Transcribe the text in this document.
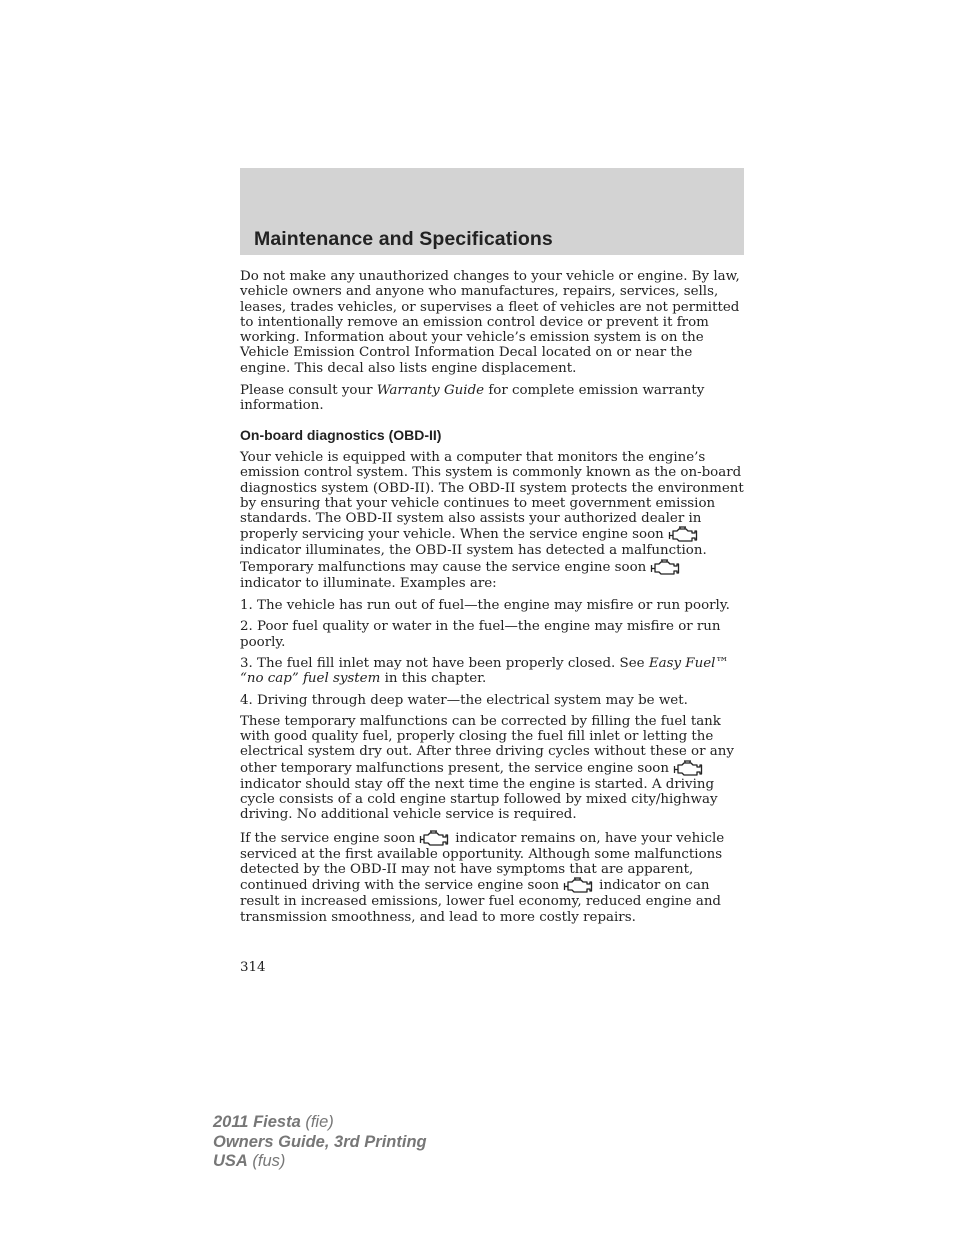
Maintenance and Specifications

Do not make any unauthorized changes to your vehicle or engine. By law, vehicle owners and anyone who manufactures, repairs, services, sells, leases, trades vehicles, or supervises a fleet of vehicles are not permitted to intentionally remove an emission control device or prevent it from working. Information about your vehicle’s emission system is on the Vehicle Emission Control Information Decal located on or near the engine. This decal also lists engine displacement.

Please consult your Warranty Guide for complete emission warranty information.

On-board diagnostics (OBD-II)

Your vehicle is equipped with a computer that monitors the engine’s emission control system. This system is commonly known as the on-board diagnostics system (OBD-II). The OBD-II system protects the environment by ensuring that your vehicle continues to meet government emission standards. The OBD-II system also assists your authorized dealer in properly servicing your vehicle. When the service engine soon
indicator illuminates, the OBD-II system has detected a malfunction. Temporary malfunctions may cause the service engine soon
indicator to illuminate. Examples are:

1. The vehicle has run out of fuel—the engine may misfire or run poorly.

2. Poor fuel quality or water in the fuel—the engine may misfire or run poorly.

3. The fuel fill inlet may not have been properly closed. See Easy Fuel™ “no cap” fuel system in this chapter.

4. Driving through deep water—the electrical system may be wet.

These temporary malfunctions can be corrected by filling the fuel tank with good quality fuel, properly closing the fuel fill inlet or letting the electrical system dry out. After three driving cycles without these or any other temporary malfunctions present, the service engine soon
indicator should stay off the next time the engine is started. A driving cycle consists of a cold engine startup followed by mixed city/highway driving. No additional vehicle service is required.

If the service engine soon	indicator remains on, have your vehicle serviced at the first available opportunity. Although some malfunctions detected by the OBD-II may not have symptoms that are apparent, continued driving with the service engine soon	indicator on can result in increased emissions, lower fuel economy, reduced engine and transmission smoothness, and lead to more costly repairs.

314
2011 Fiesta (fie)
Owners Guide, 3rd Printing
USA (fus)
